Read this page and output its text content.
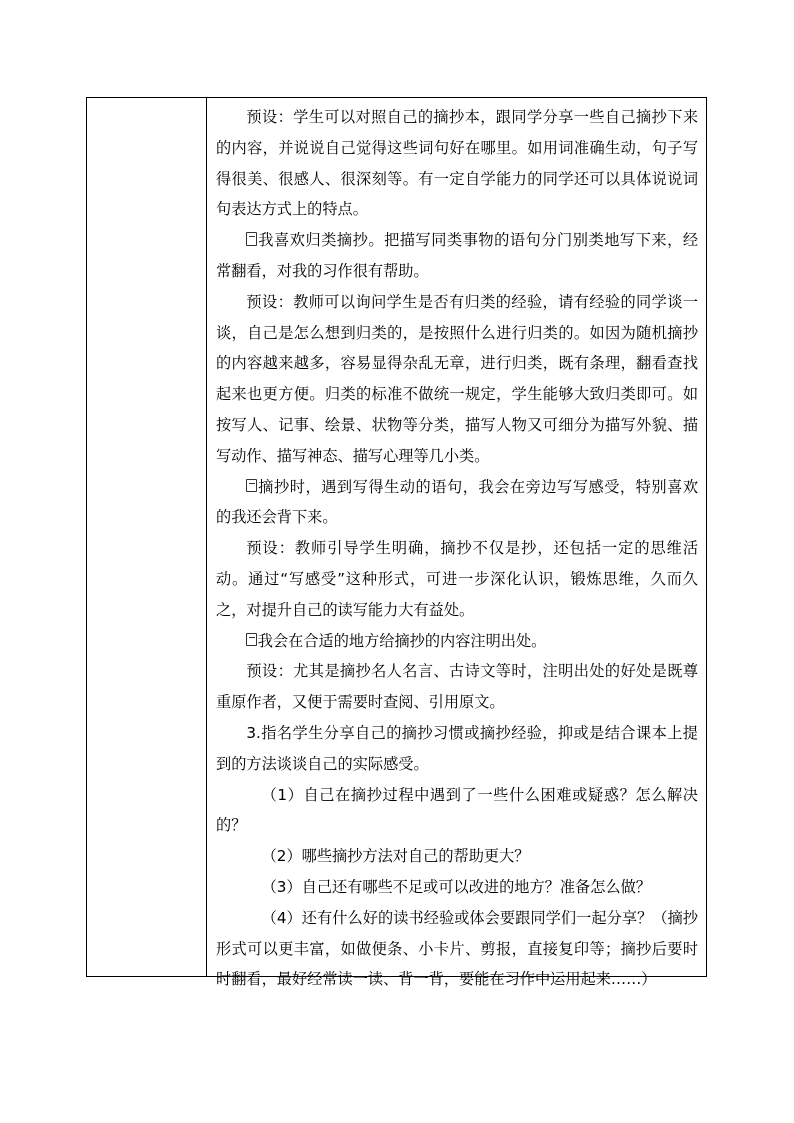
预设：学生可以对照自己的摘抄本，跟同学分享一些自己摘抄下来的内容，并说说自己觉得这些词句好在哪里。如用词准确生动，句子写得很美、很感人、很深刻等。有一定自学能力的同学还可以具体说说词句表达方式上的特点。

我喜欢归类摘抄。把描写同类事物的语句分门别类地写下来，经常翻看，对我的习作很有帮助。

预设：教师可以询问学生是否有归类的经验，请有经验的同学谈一谈，自己是怎么想到归类的，是按照什么进行归类的。如因为随机摘抄的内容越来越多，容易显得杂乱无章，进行归类，既有条理，翻看查找起来也更方便。归类的标准不做统一规定，学生能够大致归类即可。如按写人、记事、绘景、状物等分类，描写人物又可细分为描写外貌、描写动作、描写神态、描写心理等几小类。

摘抄时，遇到写得生动的语句，我会在旁边写写感受，特别喜欢的我还会背下来。

预设：教师引导学生明确，摘抄不仅是抄，还包括一定的思维活动。通过“写感受”这种形式，可进一步深化认识，锻炼思维，久而久之，对提升自己的读写能力大有益处。

我会在合适的地方给摘抄的内容注明出处。

预设：尤其是摘抄名人名言、古诗文等时，注明出处的好处是既尊重原作者，又便于需要时查阅、引用原文。

3.指名学生分享自己的摘抄习惯或摘抄经验，抑或是结合课本上提到的方法谈谈自己的实际感受。

（1）自己在摘抄过程中遇到了一些什么困难或疑惑？怎么解决的？

（2）哪些摘抄方法对自己的帮助更大？

（3）自己还有哪些不足或可以改进的地方？准备怎么做？

（4）还有什么好的读书经验或体会要跟同学们一起分享？（摘抄形式可以更丰富，如做便条、小卡片、剪报，直接复印等；摘抄后要时时翻看，最好经常读一读、背一背，要能在习作中运用起来……）
